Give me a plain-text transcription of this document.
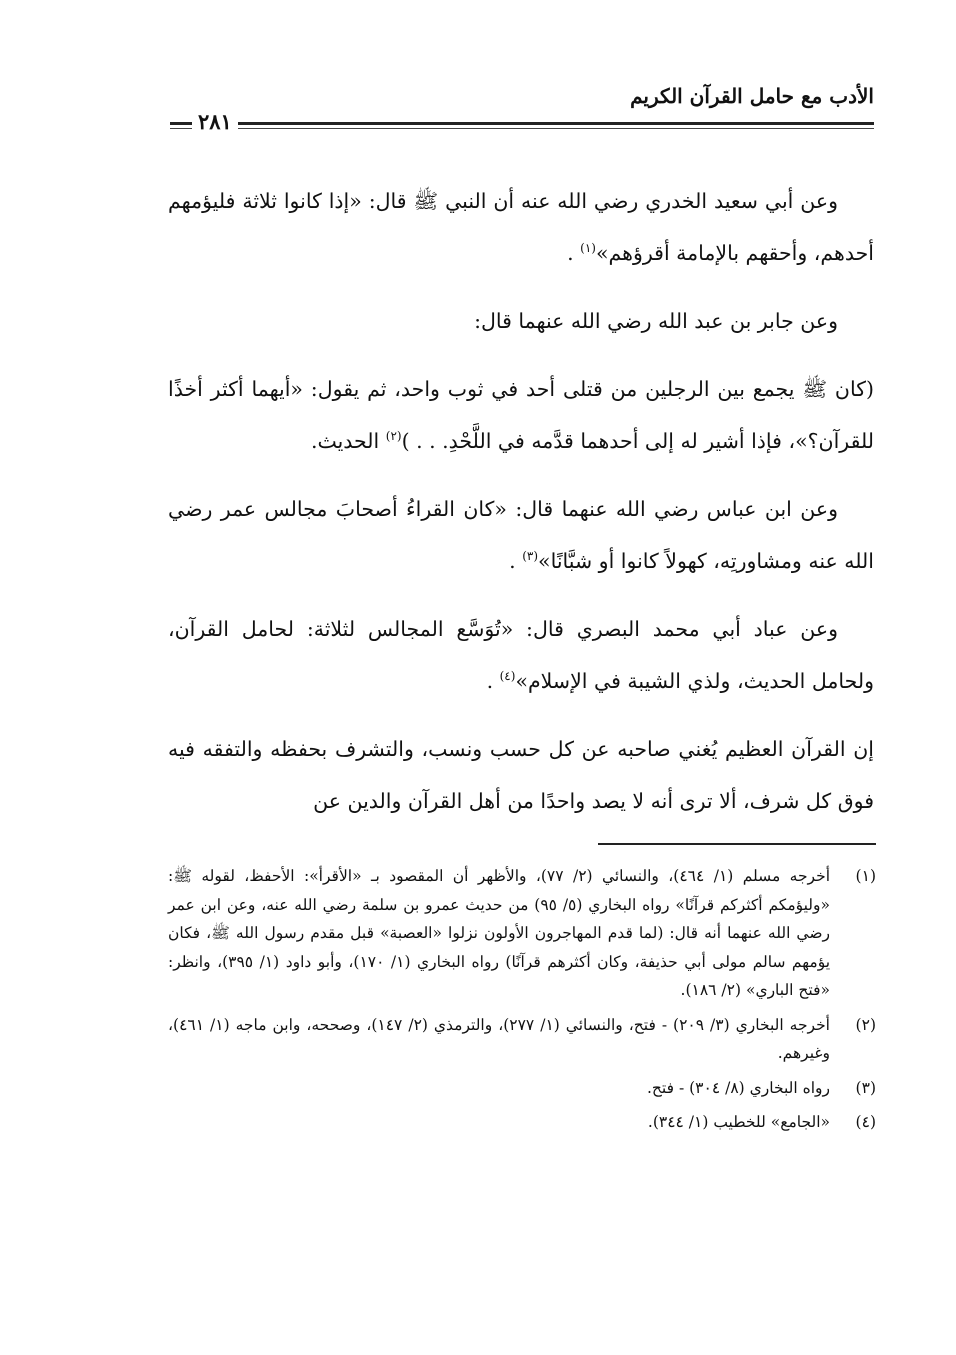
الأدب مع حامل القرآن الكريم
٢٨١

وعن أبي سعيد الخدري رضي الله عنه أن النبي ﷺ قال: «إذا كانوا ثلاثة فليؤمهم أحدهم، وأحقهم بالإمامة أقرؤهم»$^{(١)}$ .

وعن جابر بن عبد الله رضي الله عنهما قال:

(كان ﷺ يجمع بين الرجلين من قتلى أحد في ثوب واحد، ثم يقول: «أيهما أكثر أخذًا للقرآن؟»، فإذا أشير له إلى أحدهما قدَّمه في اللَّحْدِ. . . )$^{(٢)}$ الحديث.

وعن ابن عباس رضي الله عنهما قال: «كان القراءُ أصحابَ مجالس عمر رضي الله عنه ومشاورتِه، كهولاً كانوا أو شبَّانًا»$^{(٣)}$ .

وعن عباد أبي محمد البصري قال: «تُوَسَّع المجالس لثلاثة: لحامل القرآن، ولحامل الحديث، ولذي الشيبة في الإسلام»$^{(٤)}$ .

إن القرآن العظيم يُغني صاحبه عن كل حسب ونسب، والتشرف بحفظه والتفقه فيه فوق كل شرف، ألا ترى أنه لا يصد واحدًا من أهل القرآن والدين عن

(١)
أخرجه مسلم (١/ ٤٦٤)، والنسائي (٢/ ٧٧)، والأظهر أن المقصود بـ «الأقرأ»: الأحفظ، لقوله ﷺ: «وليؤمكم أكثركم قرآنًا» رواه البخاري (٥/ ٩٥) من حديث عمرو بن سلمة رضي الله عنه، وعن ابن عمر رضي الله عنهما أنه قال: (لما قدم المهاجرون الأولون نزلوا «العصبة» قبل مقدم رسول الله ﷺ، فكان يؤمهم سالم مولى أبي حذيفة، وكان أكثرهم قرآنًا) رواه البخاري (١/ ١٧٠)، وأبو داود (١/ ٣٩٥)، وانظر: «فتح الباري» (٢/ ١٨٦).
(٢)
أخرجه البخاري (٣/ ٢٠٩) - فتح، والنسائي (١/ ٢٧٧)، والترمذي (٢/ ١٤٧)، وصححه، وابن ماجه (١/ ٤٦١)، وغيرهم.
(٣)
رواه البخاري (٨/ ٣٠٤) - فتح.
(٤)
«الجامع» للخطيب (١/ ٣٤٤).
